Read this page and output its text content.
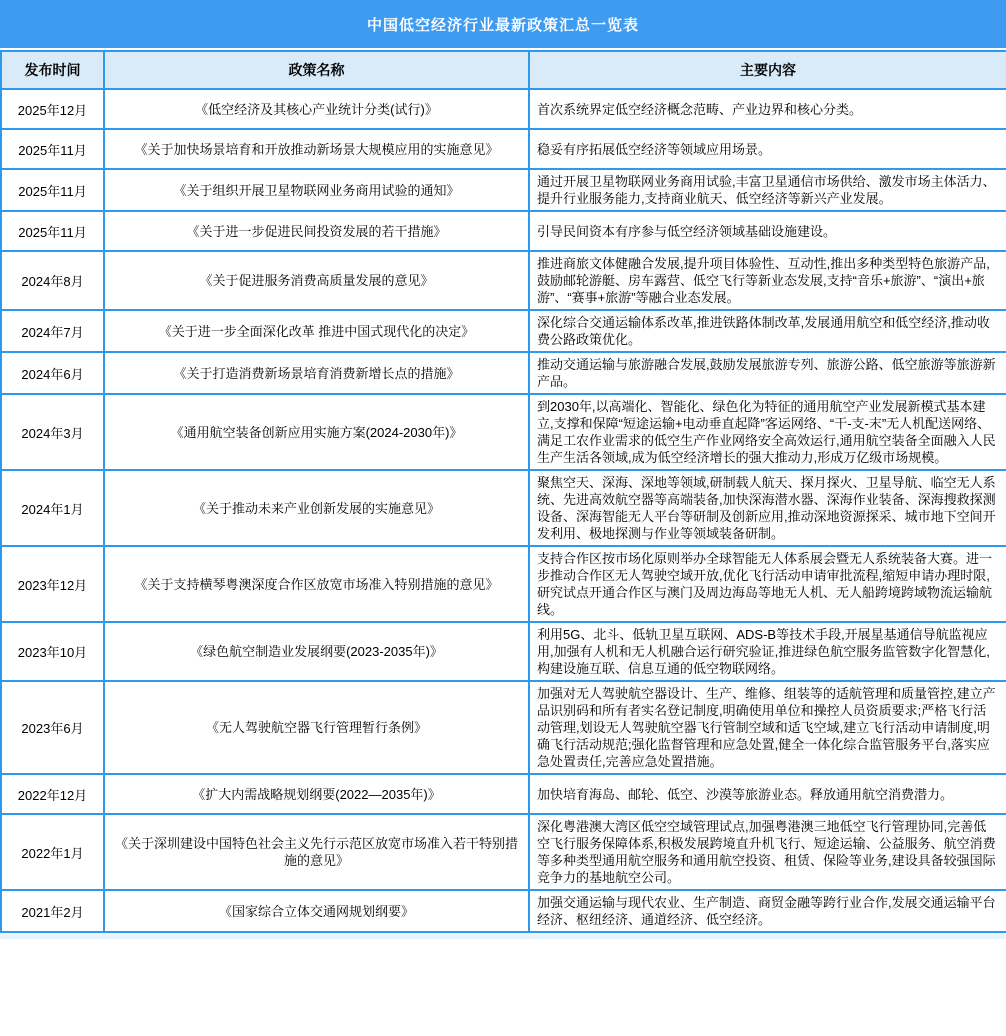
中国低空经济行业最新政策汇总一览表
发布时间	政策名称	主要内容
2025年12月	《低空经济及其核心产业统计分类(试行)》	首次系统界定低空经济概念范畴、产业边界和核心分类。
2025年11月	《关于加快场景培育和开放推动新场景大规模应用的实施意见》	稳妥有序拓展低空经济等领域应用场景。
2025年11月	《关于组织开展卫星物联网业务商用试验的通知》	通过开展卫星物联网业务商用试验,丰富卫星通信市场供给、激发市场主体活力、提升行业服务能力,支持商业航天、低空经济等新兴产业发展。
2025年11月	《关于进一步促进民间投资发展的若干措施》	引导民间资本有序参与低空经济领域基础设施建设。
2024年8月	《关于促进服务消费高质量发展的意见》	推进商旅文体健融合发展,提升项目体验性、互动性,推出多种类型特色旅游产品,鼓励邮轮游艇、房车露营、低空飞行等新业态发展,支持“音乐+旅游”、“演出+旅游”、“赛事+旅游”等融合业态发展。
2024年7月	《关于进一步全面深化改革 推进中国式现代化的决定》	深化综合交通运输体系改革,推进铁路体制改革,发展通用航空和低空经济,推动收费公路政策优化。
2024年6月	《关于打造消费新场景培育消费新增长点的措施》	推动交通运输与旅游融合发展,鼓励发展旅游专列、旅游公路、低空旅游等旅游新产品。
2024年3月	《通用航空装备创新应用实施方案(2024-2030年)》	到2030年,以高端化、智能化、绿色化为特征的通用航空产业发展新模式基本建立,支撑和保障“短途运输+电动垂直起降”客运网络、“干-支-末”无人机配送网络、满足工农作业需求的低空生产作业网络安全高效运行,通用航空装备全面融入人民生产生活各领域,成为低空经济增长的强大推动力,形成万亿级市场规模。
2024年1月	《关于推动未来产业创新发展的实施意见》	聚焦空天、深海、深地等领域,研制载人航天、探月探火、卫星导航、临空无人系统、先进高效航空器等高端装备,加快深海潜水器、深海作业装备、深海搜救探测设备、深海智能无人平台等研制及创新应用,推动深地资源探采、城市地下空间开发利用、极地探测与作业等领域装备研制。
2023年12月	《关于支持横琴粤澳深度合作区放宽市场准入特别措施的意见》	支持合作区按市场化原则举办全球智能无人体系展会暨无人系统装备大赛。进一步推动合作区无人驾驶空域开放,优化飞行活动申请审批流程,缩短申请办理时限,研究试点开通合作区与澳门及周边海岛等地无人机、无人船跨境跨域物流运输航线。
2023年10月	《绿色航空制造业发展纲要(2023-2035年)》	利用5G、北斗、低轨卫星互联网、ADS-B等技术手段,开展星基通信导航监视应用,加强有人机和无人机融合运行研究验证,推进绿色航空服务监管数字化智慧化,构建设施互联、信息互通的低空物联网络。
2023年6月	《无人驾驶航空器飞行管理暂行条例》	加强对无人驾驶航空器设计、生产、维修、组装等的适航管理和质量管控,建立产品识别码和所有者实名登记制度,明确使用单位和操控人员资质要求;严格飞行活动管理,划设无人驾驶航空器飞行管制空域和适飞空域,建立飞行活动申请制度,明确飞行活动规范;强化监督管理和应急处置,健全一体化综合监管服务平台,落实应急处置责任,完善应急处置措施。
2022年12月	《扩大内需战略规划纲要(2022—2035年)》	加快培育海岛、邮轮、低空、沙漠等旅游业态。释放通用航空消费潜力。
2022年1月	《关于深圳建设中国特色社会主义先行示范区放宽市场准入若干特别措施的意见》	深化粤港澳大湾区低空空域管理试点,加强粤港澳三地低空飞行管理协同,完善低空飞行服务保障体系,积极发展跨境直升机飞行、短途运输、公益服务、航空消费等多种类型通用航空服务和通用航空投资、租赁、保险等业务,建设具备较强国际竞争力的基地航空公司。
2021年2月	《国家综合立体交通网规划纲要》	加强交通运输与现代农业、生产制造、商贸金融等跨行业合作,发展交通运输平台经济、枢纽经济、通道经济、低空经济。
